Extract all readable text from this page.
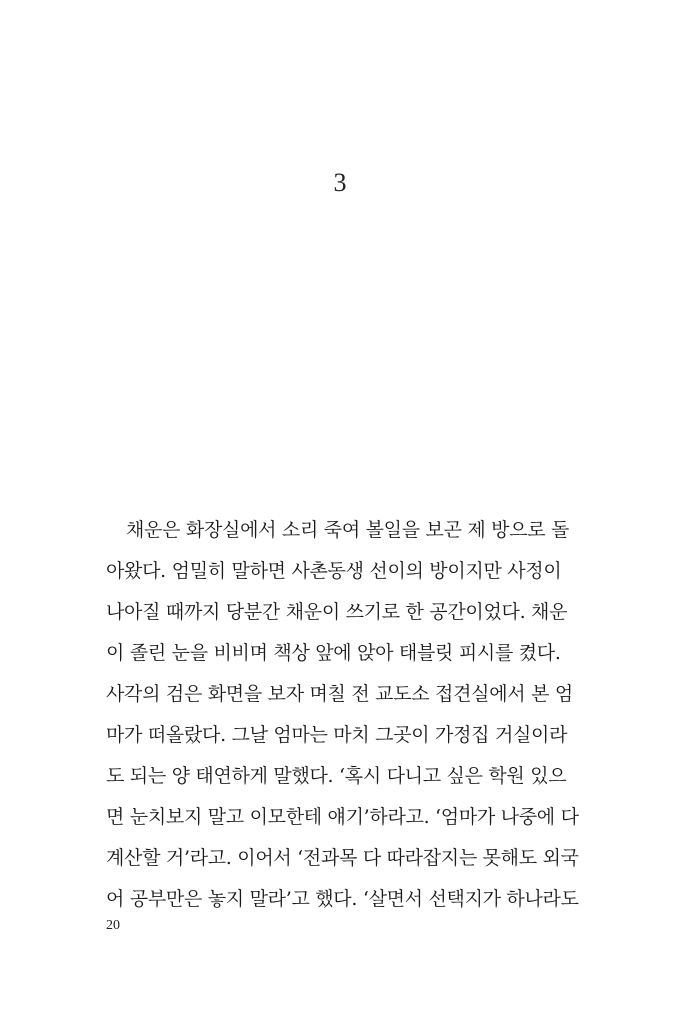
3
채운은 화장실에서 소리 죽여 볼일을 보곤 제 방으로 돌
아왔다. 엄밀히 말하면 사촌동생 선이의 방이지만 사정이
나아질 때까지 당분간 채운이 쓰기로 한 공간이었다. 채운
이 졸린 눈을 비비며 책상 앞에 앉아 태블릿 피시를 켰다.
사각의 검은 화면을 보자 며칠 전 교도소 접견실에서 본 엄
마가 떠올랐다. 그날 엄마는 마치 그곳이 가정집 거실이라
도 되는 양 태연하게 말했다. ‘혹시 다니고 싶은 학원 있으
면 눈치보지 말고 이모한테 얘기’하라고. ‘엄마가 나중에 다
계산할 거’라고. 이어서 ‘전과목 다 따라잡지는 못해도 외국
어 공부만은 놓지 말라’고 했다. ‘살면서 선택지가 하나라도
20
